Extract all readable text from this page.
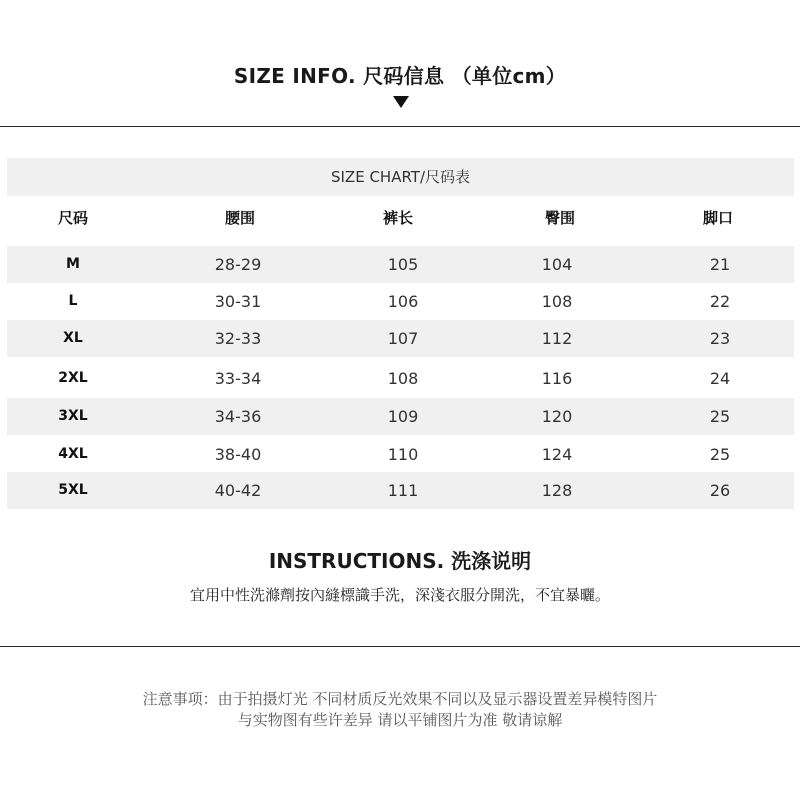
SIZE INFO. 尺码信息 （单位cm）
SIZE CHART/尺码表
尺码	腰围	裤长	臀围	脚口
M	28-29	105	104	21
L	30-31	106	108	22
XL	32-33	107	112	23
2XL	33-34	108	116	24
3XL	34-36	109	120	25
4XL	38-40	110	124	25
5XL	40-42	111	128	26
INSTRUCTIONS. 洗涤说明
宜用中性洗滌劑按內縫標識手洗，深淺衣服分開洗，不宜暴曬。
注意事项：由于拍摄灯光 不同材质反光效果不同以及显示器设置差异模特图片
与实物图有些许差异 请以平铺图片为准 敬请谅解
